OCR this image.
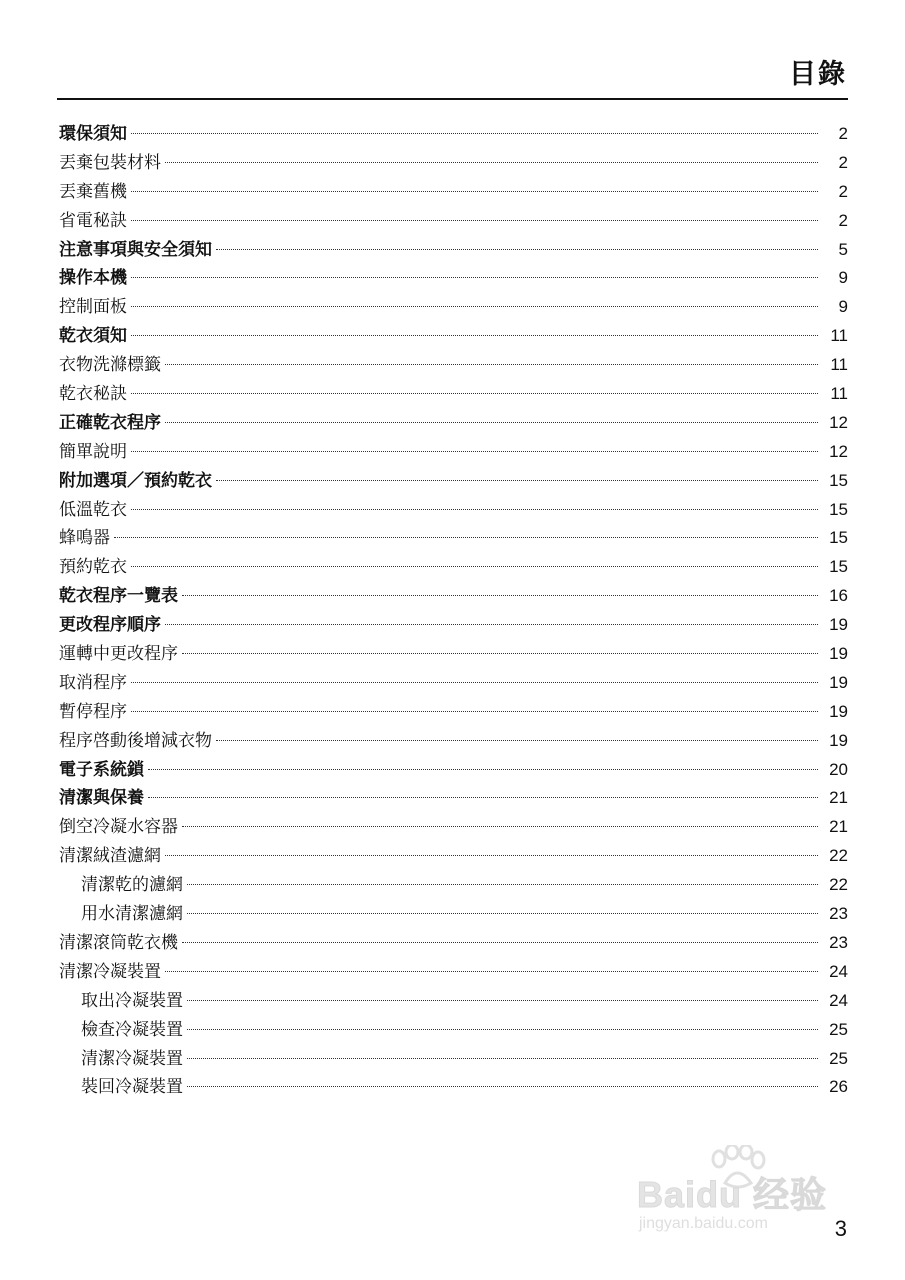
目錄
環保須知	2
丟棄包裝材料	2
丟棄舊機	2
省電秘訣	2
注意事項與安全須知	5
操作本機	9
控制面板	9
乾衣須知	11
衣物洗滌標籤	11
乾衣秘訣	11
正確乾衣程序	12
簡單說明	12
附加選項／預約乾衣	15
低溫乾衣	15
蜂鳴器	15
預約乾衣	15
乾衣程序一覽表	16
更改程序順序	19
運轉中更改程序	19
取消程序	19
暫停程序	19
程序啓動後增減衣物	19
電子系統鎖	20
清潔與保養	21
倒空冷凝水容器	21
清潔絨渣濾網	22
清潔乾的濾網	22
用水清潔濾網	23
清潔滾筒乾衣機	23
清潔冷凝裝置	24
取出冷凝裝置	24
檢查冷凝裝置	25
清潔冷凝裝置	25
裝回冷凝裝置	26
3
Baidu 经验
jingyan.baidu.com
